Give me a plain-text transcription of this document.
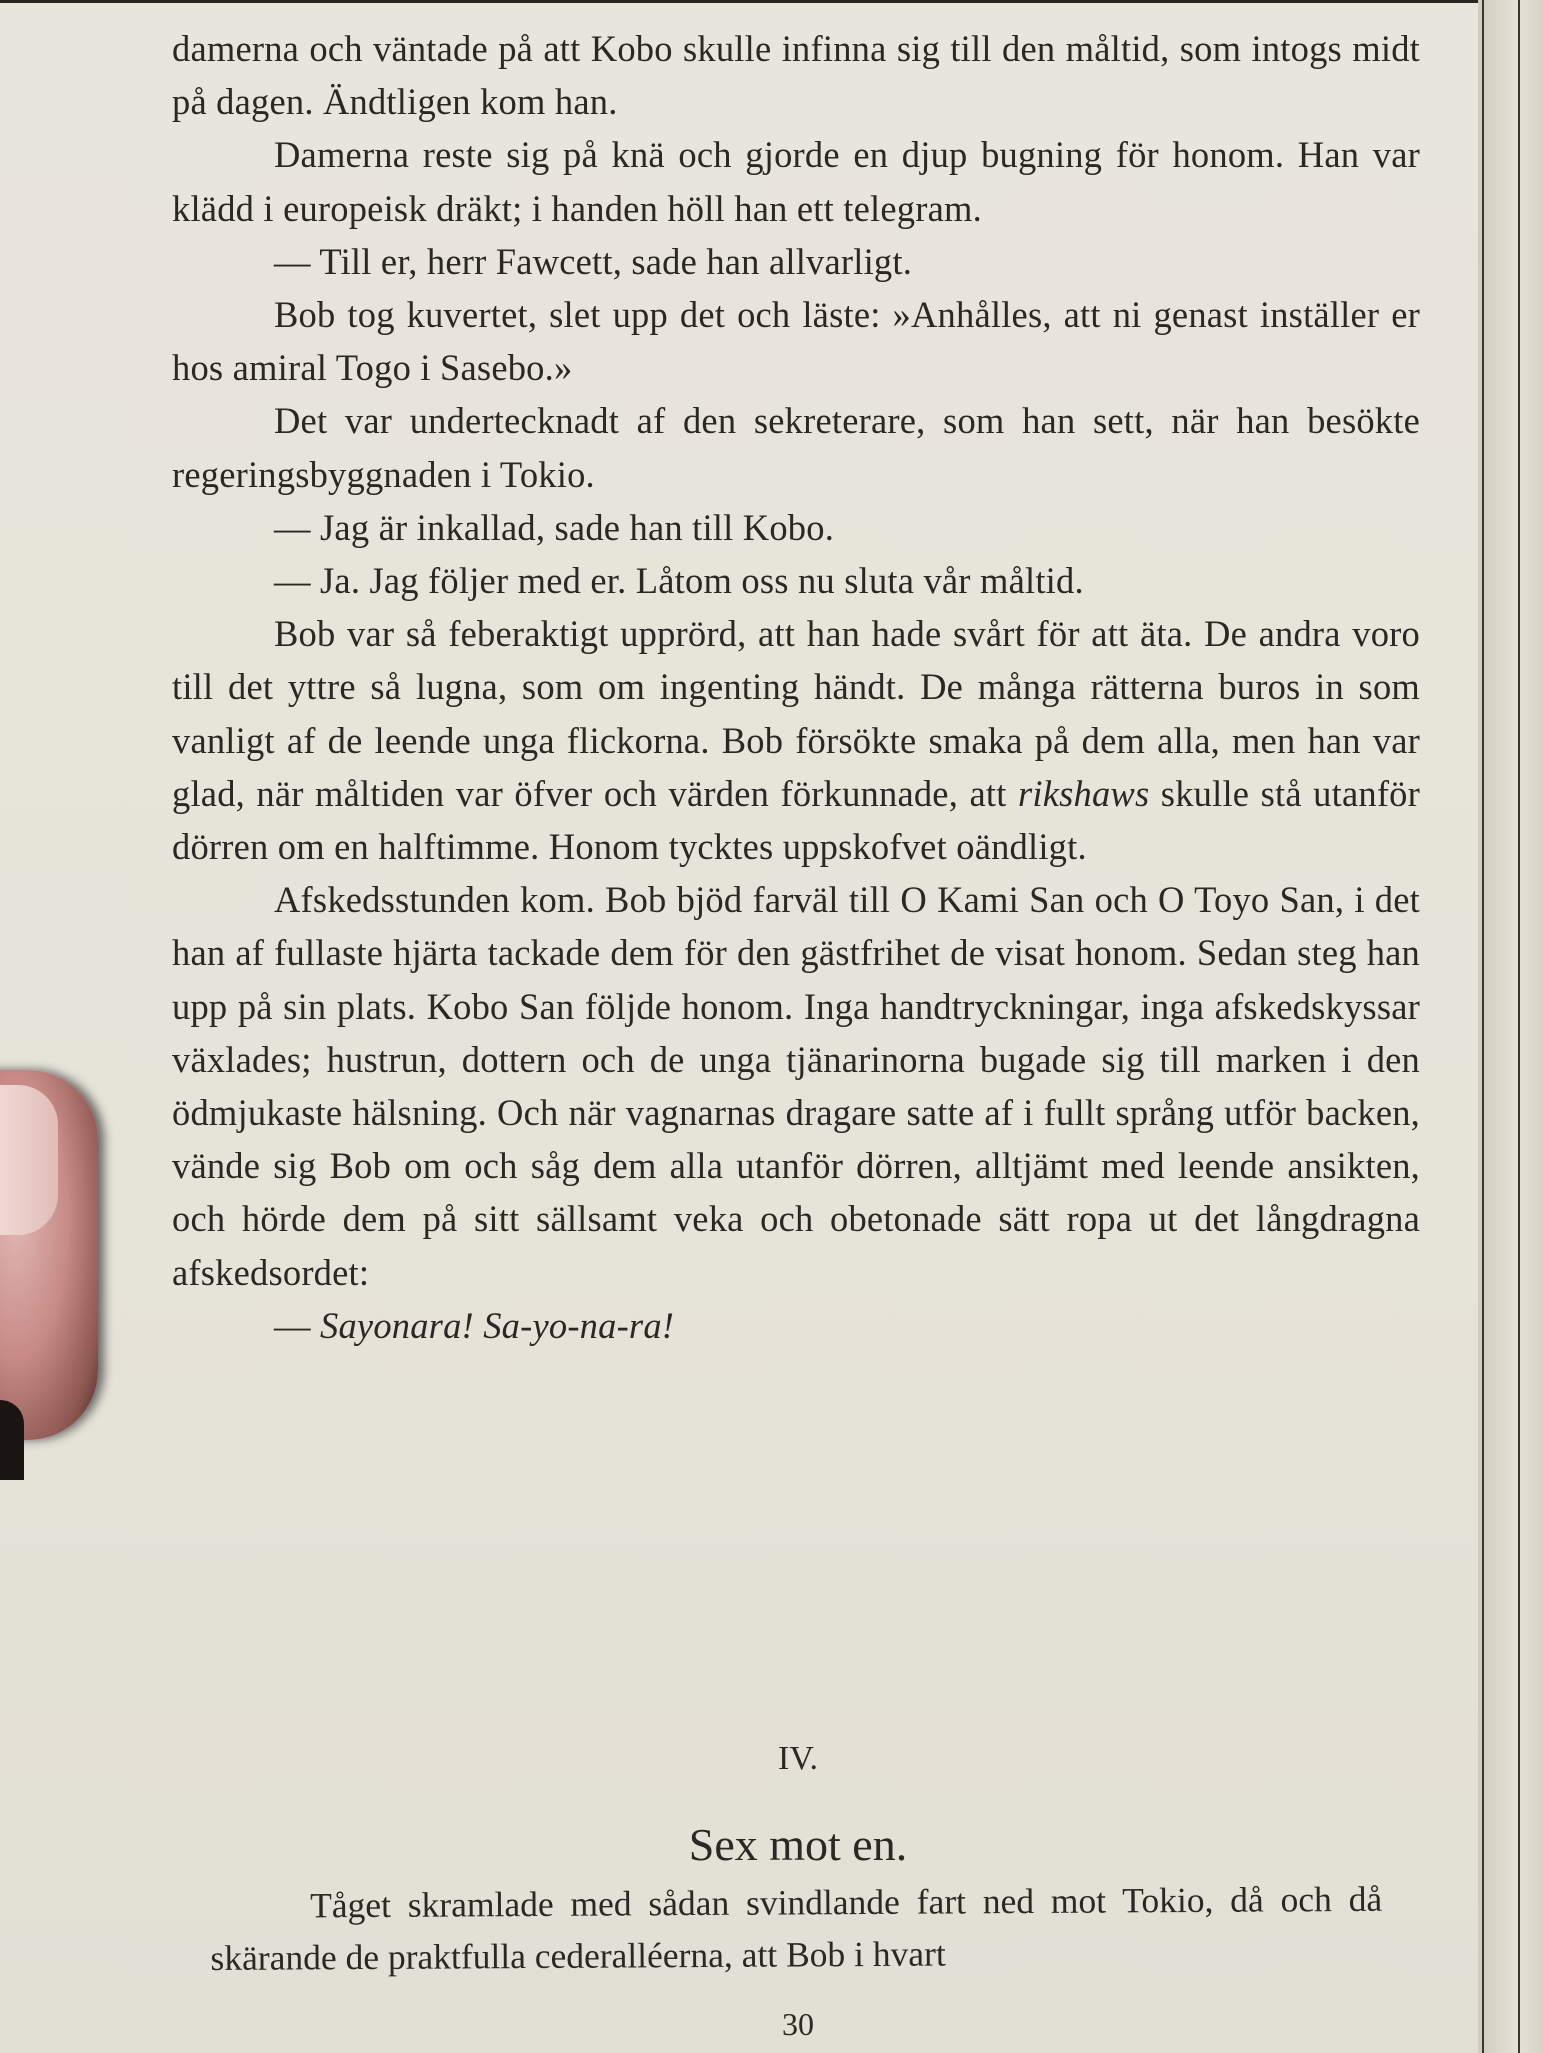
damerna och väntade på att Kobo skulle infinna sig till den måltid, som intogs midt på dagen. Ändtligen kom han.

Damerna reste sig på knä och gjorde en djup bugning för honom. Han var klädd i europeisk dräkt; i handen höll han ett telegram.

— Till er, herr Fawcett, sade han allvarligt.

Bob tog kuvertet, slet upp det och läste: »Anhålles, att ni genast inställer er hos amiral Togo i Sasebo.»

Det var undertecknadt af den sekreterare, som han sett, när han besökte regeringsbyggnaden i Tokio.

— Jag är inkallad, sade han till Kobo.

— Ja. Jag följer med er. Låtom oss nu sluta vår måltid.

Bob var så feberaktigt upprörd, att han hade svårt för att äta. De andra voro till det yttre så lugna, som om ingenting händt. De många rätterna buros in som vanligt af de leende unga flickorna. Bob försökte smaka på dem alla, men han var glad, när måltiden var öfver och värden förkunnade, att rikshaws skulle stå utanför dörren om en halftimme. Honom tycktes uppskofvet oändligt.

Afskedsstunden kom. Bob bjöd farväl till O Kami San och O Toyo San, i det han af fullaste hjärta tackade dem för den gästfrihet de visat honom. Sedan steg han upp på sin plats. Kobo San följde honom. Inga handtryckningar, inga afskedskyssar växlades; hustrun, dottern och de unga tjänarinorna bugade sig till marken i den ödmjukaste hälsning. Och när vagnarnas dragare satte af i fullt språng utför backen, vände sig Bob om och såg dem alla utanför dörren, alltjämt med leende ansikten, och hörde dem på sitt sällsamt veka och obetonade sätt ropa ut det långdragna afskedsordet:

— Sayonara! Sa-yo-na-ra!

IV.
Sex mot en.

Tåget skramlade med sådan svindlande fart ned mot Tokio, då och då skärande de praktfulla cederalléerna, att Bob i hvart

30
